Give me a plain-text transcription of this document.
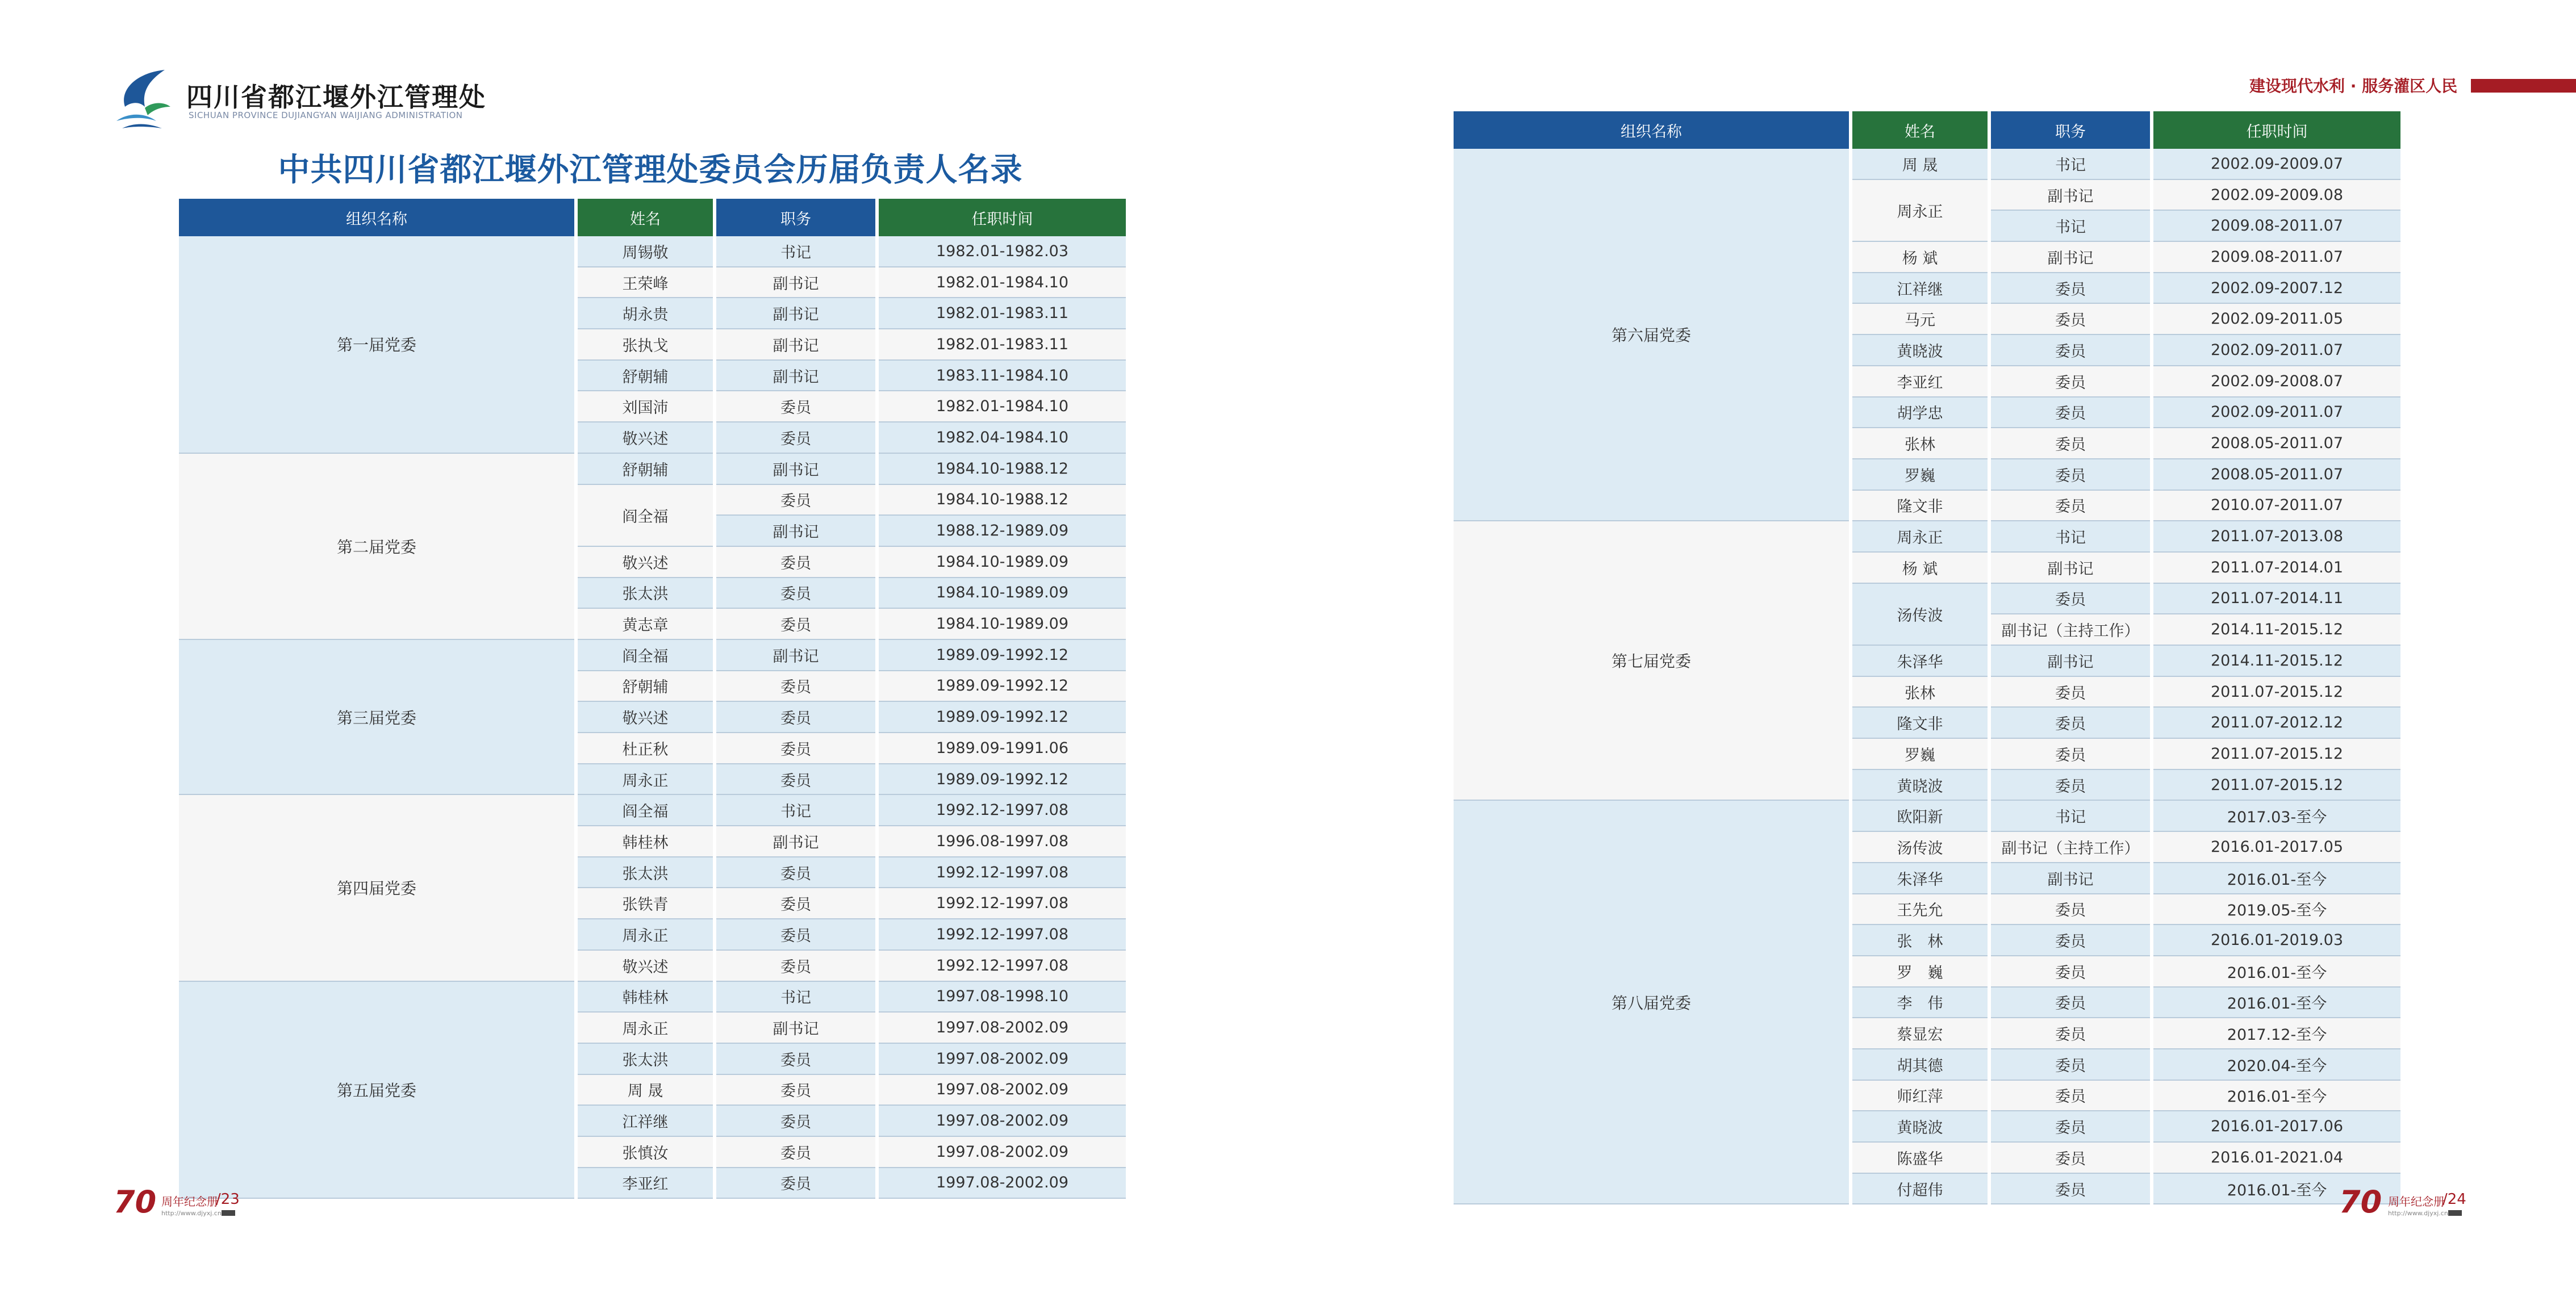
四川省都江堰外江管理处
SICHUAN PROVINCE DUJIANGYAN WAIJIANG ADMINISTRATION
中共四川省都江堰外江管理处委员会历届负责人名录
建设现代水利 · 服务灌区人民
组织名称	姓名	职务	任职时间
第一届党委	周锡敬	书记	1982.01-1982.03
	王荣峰	副书记	1982.01-1984.10
	胡永贵	副书记	1982.01-1983.11
	张执戈	副书记	1982.01-1983.11
	舒朝辅	副书记	1983.11-1984.10
	刘国沛	委员	1982.01-1984.10
	敬兴述	委员	1982.04-1984.10
第二届党委	舒朝辅	副书记	1984.10-1988.12
	阎全福	委员	1984.10-1988.12
		副书记	1988.12-1989.09
	敬兴述	委员	1984.10-1989.09
	张太洪	委员	1984.10-1989.09
	黄志章	委员	1984.10-1989.09
第三届党委	阎全福	副书记	1989.09-1992.12
	舒朝辅	委员	1989.09-1992.12
	敬兴述	委员	1989.09-1992.12
	杜正秋	委员	1989.09-1991.06
	周永正	委员	1989.09-1992.12
第四届党委	阎全福	书记	1992.12-1997.08
	韩桂林	副书记	1996.08-1997.08
	张太洪	委员	1992.12-1997.08
	张铁青	委员	1992.12-1997.08
	周永正	委员	1992.12-1997.08
	敬兴述	委员	1992.12-1997.08
第五届党委	韩桂林	书记	1997.08-1998.10
	周永正	副书记	1997.08-2002.09
	张太洪	委员	1997.08-2002.09
	周 晟	委员	1997.08-2002.09
	江祥继	委员	1997.08-2002.09
	张慎汝	委员	1997.08-2002.09
	李亚红	委员	1997.08-2002.09
组织名称	姓名	职务	任职时间
第六届党委	周 晟	书记	2002.09-2009.07
	周永正	副书记	2002.09-2009.08
		书记	2009.08-2011.07
	杨 斌	副书记	2009.08-2011.07
	江祥继	委员	2002.09-2007.12
	马元	委员	2002.09-2011.05
	黄晓波	委员	2002.09-2011.07
	李亚红	委员	2002.09-2008.07
	胡学忠	委员	2002.09-2011.07
	张林	委员	2008.05-2011.07
	罗巍	委员	2008.05-2011.07
	隆文非	委员	2010.07-2011.07
第七届党委	周永正	书记	2011.07-2013.08
	杨 斌	副书记	2011.07-2014.01
	汤传波	委员	2011.07-2014.11
		副书记（主持工作）	2014.11-2015.12
	朱泽华	副书记	2014.11-2015.12
	张林	委员	2011.07-2015.12
	隆文非	委员	2011.07-2012.12
	罗巍	委员	2011.07-2015.12
	黄晓波	委员	2011.07-2015.12
第八届党委	欧阳新	书记	2017.03-至今
	汤传波	副书记（主持工作）	2016.01-2017.05
	朱泽华	副书记	2016.01-至今
	王先允	委员	2019.05-至今
	张　林	委员	2016.01-2019.03
	罗　巍	委员	2016.01-至今
	李　伟	委员	2016.01-至今
	蔡显宏	委员	2017.12-至今
	胡其德	委员	2020.04-至今
	师红萍	委员	2016.01-至今
	黄晓波	委员	2016.01-2017.06
	陈盛华	委员	2016.01-2021.04
	付超伟	委员	2016.01-至今
70 周年纪念册
/23
http://www.djyxj.cn	70 周年纪念册
/24
http://www.djyxj.cn
